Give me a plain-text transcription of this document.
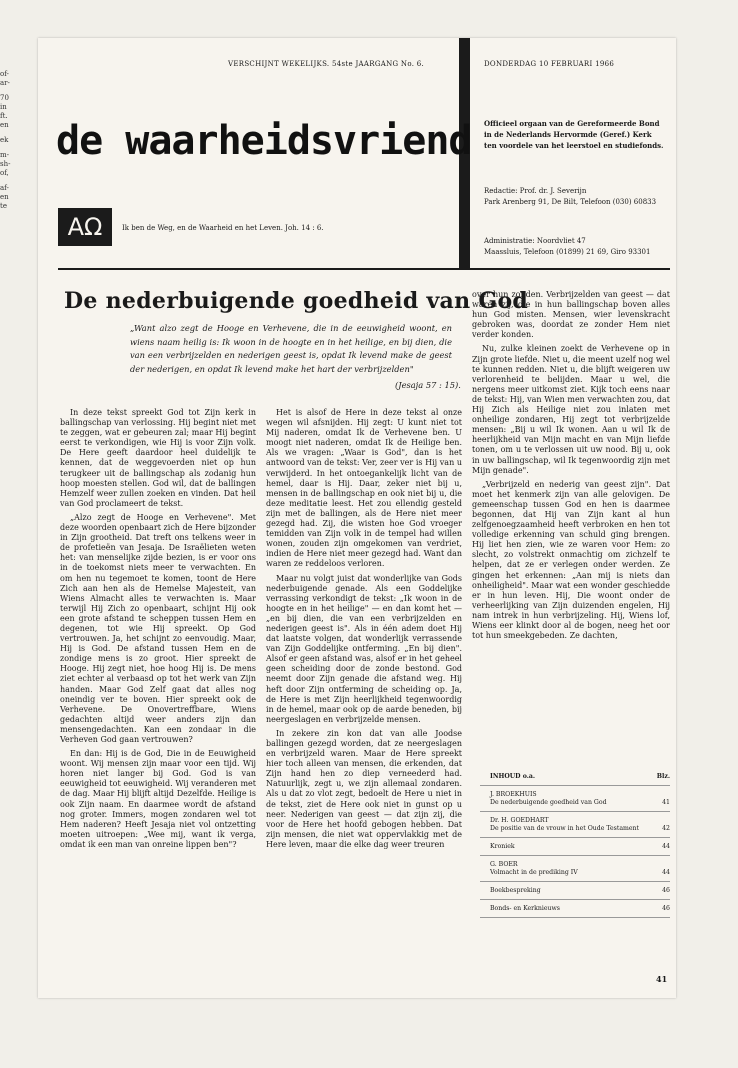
of-
ar-
70
in
ft.
en
ek
m-
sh-
of,
af-
en
te
VERSCHIJNT WEKELIJKS. 54ste JAARGANG No. 6.	DONDERDAG 10 FEBRUARI 1966
de waarheidsvriend
AΩ	Ik ben de Weg, en de Waarheid en het Leven. Joh. 14 : 6.
Officieel orgaan van de Gereformeerde Bond
in de Nederlands Hervormde (Geref.) Kerk
ten voordele van het leerstoel en studiefonds.
Redactie: Prof. dr. J. Severijn
Park Arenberg 91, De Bilt, Telefoon (030) 60833
Administratie: Noordvliet 47
Maassluis, Telefoon (01899) 21 69, Giro 93301
De nederbuigende goedheid van God
„Want alzo zegt de Hooge en Verhevene, die in de eeuwigheid woont, en wiens naam heilig is: Ik woon in de hoogte en in het heilige, en bij dien, die van een verbrijzelden en nederigen geest is, opdat Ik levend make de geest der nederigen, en opdat Ik levend make het hart der verbrijzelden"
(Jesaja 57 : 15).

In deze tekst spreekt God tot Zijn kerk in ballingschap van verlossing. Hij begint niet met te zeggen, wat er gebeuren zal; maar Hij begint eerst te verkondigen, wie Hij is voor Zijn volk. De Here geeft daardoor heel duidelijk te kennen, dat de weggevoerden niet op hun terugkeer uit de ballingschap als zodanig hun hoop moesten stellen. God wil, dat de ballingen Hemzelf weer zullen zoeken en vinden. Dat heil van God proclameert de tekst.

„Alzo zegt de Hooge en Verhevene". Met deze woorden openbaart zich de Here bijzonder in Zijn grootheid. Dat treft ons telkens weer in de profetieën van Jesaja. De Israëlieten weten het: van menselijke zijde bezien, is er voor ons in de toekomst niets meer te verwachten. En om hen nu tegemoet te komen, toont de Here Zich aan hen als de Hemelse Majesteit, van Wiens Almacht alles te verwachten is. Maar terwijl Hij Zich zo openbaart, schijnt Hij ook een grote afstand te scheppen tussen Hem en degenen, tot wie Hij spreekt. Op God vertrouwen. Ja, het schijnt zo eenvoudig. Maar, Hij is God. De afstand tussen Hem en de zondige mens is zo groot. Hier spreekt de Hooge. Hij zegt niet, hoe hoog Hij is. De mens ziet echter al verbaasd op tot het werk van Zijn handen. Maar God Zelf gaat dat alles nog oneindig ver te boven. Hier spreekt ook de Verhevene. De Onovertreffbare, Wiens gedachten altijd weer anders zijn dan mensengedachten. Kan een zondaar in die Verheven God gaan vertrouwen?

En dan: Hij is de God, Die in de Eeuwigheid woont. Wij mensen zijn maar voor een tijd. Wij horen niet langer bij God. God is van eeuwigheid tot eeuwigheid. Wij veranderen met de dag. Maar Hij blijft altijd Dezelfde. Heilige is ook Zijn naam. En daarmee wordt de afstand nog groter. Immers, mogen zondaren wel tot Hem naderen? Heeft Jesaja niet vol ontzetting moeten uitroepen: „Wee mij, want ik verga, omdat ik een man van onreine lippen ben"?

Het is alsof de Here in deze tekst al onze wegen wil afsnijden. Hij zegt: U kunt niet tot Mij naderen, omdat Ik de Verhevene ben. U moogt niet naderen, omdat Ik de Heilige ben. Als we vragen: „Waar is God", dan is het antwoord van de tekst: Ver, zeer ver is Hij van u verwijderd. In het ontoegankelijk licht van de hemel, daar is Hij. Daar, zeker niet bij u, mensen in de ballingschap en ook niet bij u, die deze meditatie leest. Het zou ellendig gesteld zijn met de ballingen, als de Here niet meer gezegd had. Zij, die wisten hoe God vroeger temidden van Zijn volk in de tempel had willen wonen, zouden zijn omgekomen van verdriet, indien de Here niet meer gezegd had. Want dan waren ze reddeloos verloren.

Maar nu volgt juist dat wonderlijke van Gods nederbuigende genade. Als een Goddelijke verrassing verkondigt de tekst: „Ik woon in de hoogte en in het heilige" — en dan komt het — „en bij dien, die van een verbrijzelden en nederigen geest is". Als in één adem doet Hij dat laatste volgen, dat wonderlijk verrassende van Zijn Goddelijke ontferming. „En bij dien". Alsof er geen afstand was, alsof er in het geheel geen scheiding door de zonde bestond. God neemt door Zijn genade die afstand weg. Hij heft door Zijn ontferming de scheiding op. Ja, de Here is met Zijn heerlijkheid tegenwoordig in de hemel, maar ook op de aarde beneden, bij neergeslagen en verbrijzelde mensen.

In zekere zin kon dat van alle Joodse ballingen gezegd worden, dat ze neergeslagen en verbrijzeld waren. Maar de Here spreekt hier toch alleen van mensen, die erkenden, dat Zijn hand hen zo diep verneederd had. Natuurlijk, zegt u, we zijn allemaal zondaren. Als u dat zo vlot zegt, bedoelt de Here u niet in de tekst, ziet de Here ook niet in gunst op u neer. Nederigen van geest — dat zijn zij, die voor de Here het hoofd gebogen hebben. Dat zijn mensen, die niet wat oppervlakkig met de Here leven, maar die elke dag weer treuren

over hun zonden. Verbrijzelden van geest — dat waren zij, die in hun ballingschap boven alles hun God misten. Mensen, wier levenskracht gebroken was, doordat ze zonder Hem niet verder konden.

Nu, zulke kleinen zoekt de Verhevene op in Zijn grote liefde. Niet u, die meent uzelf nog wel te kunnen redden. Niet u, die blijft weigeren uw verlorenheid te belijden. Maar u wel, die nergens meer uitkomst ziet. Kijk toch eens naar de tekst: Hij, van Wien men verwachten zou, dat Hij Zich als Heilige niet zou inlaten met onheilige zondaren, Hij zegt tot verbrijzelde mensen: „Bij u wil Ik wonen. Aan u wil Ik de heerlijkheid van Mijn macht en van Mijn liefde tonen, om u te verlossen uit uw nood. Bij u, ook in uw ballingschap, wil Ik tegenwoordig zijn met Mijn genade".

„Verbrijzeld en nederig van geest zijn". Dat moet het kenmerk zijn van alle gelovigen. De gemeenschap tussen God en hen is daarmee begonnen, dat Hij van Zijn kant al hun zelfgenoegzaamheid heeft verbroken en hen tot volledige erkenning van schuld ging brengen. Hij liet hen zien, wie ze waren voor Hem: zo slecht, zo volstrekt onmachtig om zichzelf te helpen, dat ze er verlegen onder werden. Ze gingen het erkennen: „Aan mij is niets dan onheiligheid". Maar wat een wonder geschiedde er in hun leven. Hij, Die woont onder de verheerlijking van Zijn duizenden engelen, Hij nam intrek in hun verbrijzeling. Hij, Wiens lof, Wiens eer klinkt door al de bogen, neeg het oor tot hun smeekgebeden. Ze dachten,

INHOUD o.a.	Blz.
J. BROEKHUIS
De nederbuigende goedheid van God	41
Dr. H. GOEDHART
De positie van de vrouw in het Oude Testament	42
Kroniek	44
G. BOER
Volmacht in de prediking IV	44
Boekbespreking	46
Bonds- en Kerknieuws	46
41
